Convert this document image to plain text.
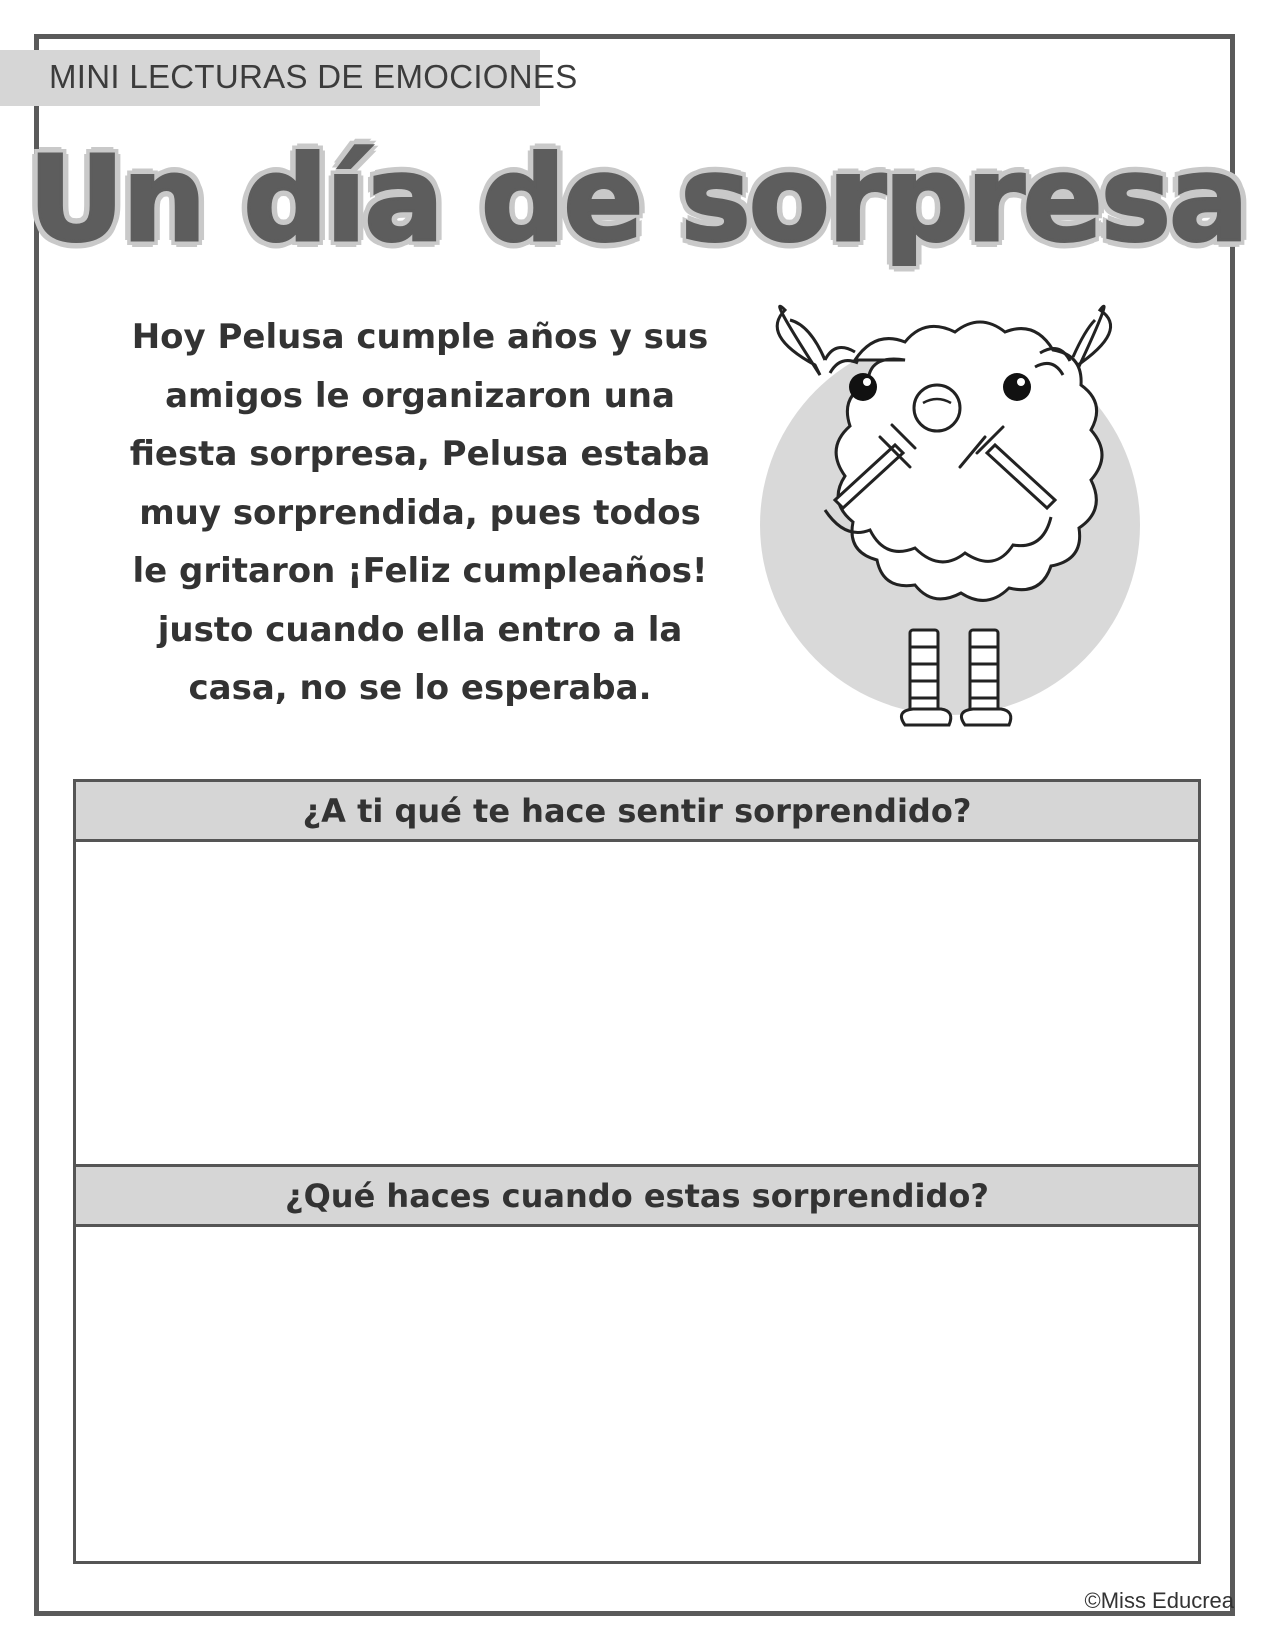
MINI LECTURAS DE EMOCIONES
Un día de sorpresa
Hoy Pelusa cumple años y sus
amigos le organizaron una
fiesta sorpresa, Pelusa estaba
muy sorprendida, pues todos
le gritaron ¡Feliz cumpleaños!
justo cuando ella entro a la
casa, no se lo esperaba.
¿A ti qué te hace sentir sorprendido?
¿Qué haces cuando estas sorprendido?
©Miss Educrea
